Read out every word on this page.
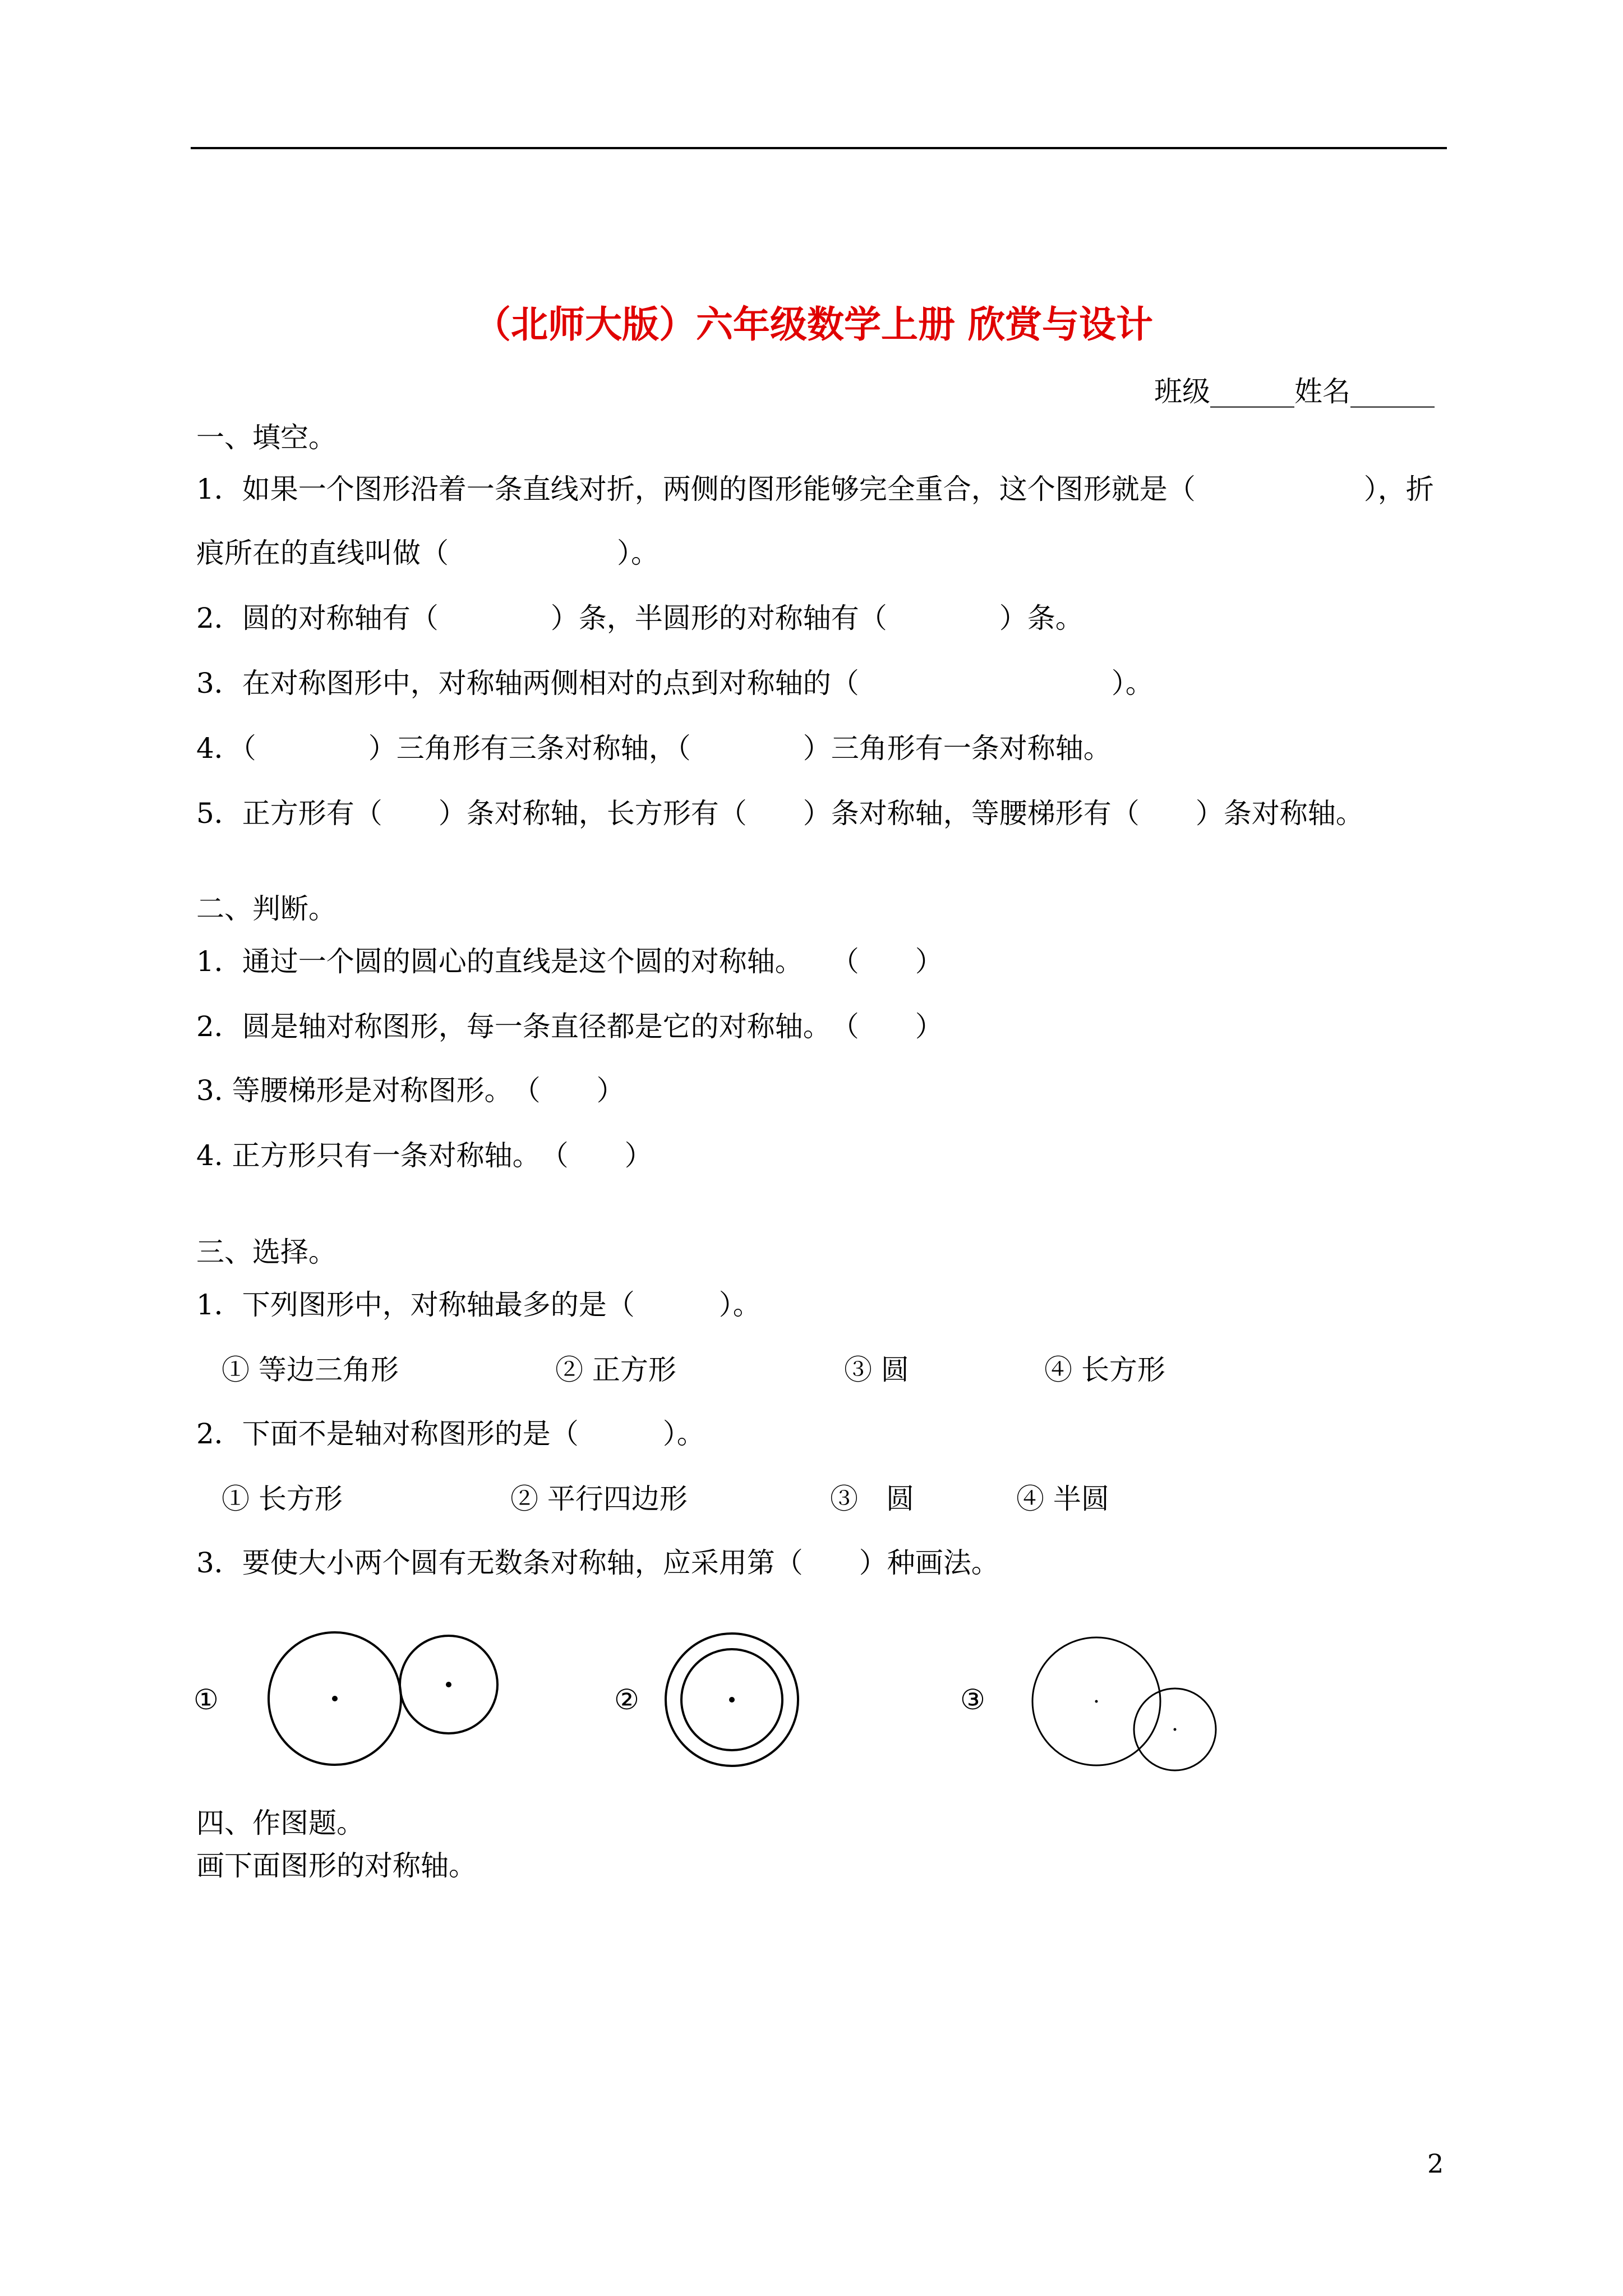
（北师大版）六年级数学上册 欣赏与设计
班级______姓名______
一、填空。
1．如果一个图形沿着一条直线对折，两侧的图形能够完全重合，这个图形就是（　　　　　　），折
痕所在的直线叫做（　　　　　　）。
2．圆的对称轴有（　　　　）条，半圆形的对称轴有（　　　　）条。
3．在对称图形中，对称轴两侧相对的点到对称轴的（　　　　　　　　　）。
4．（　　　　）三角形有三条对称轴，（　　　　）三角形有一条对称轴。
5．正方形有（　　）条对称轴，长方形有（　　）条对称轴，等腰梯形有（　　）条对称轴。
二、判断。
1．通过一个圆的圆心的直线是这个圆的对称轴。　　（　　）
2．圆是轴对称图形，每一条直径都是它的对称轴。　（　　）
3. 等腰梯形是对称图形。　（　　）
4. 正方形只有一条对称轴。　（　　）
三、选择。
1．下列图形中，对称轴最多的是（　　　）。
① 等边三角形	② 正方形	③ 圆	④ 长方形
2．下面不是轴对称图形的是（　　　）。
① 长方形	② 平行四边形	③　圆	④ 半圆
3．要使大小两个圆有无数条对称轴，应采用第（　　）种画法。
①	②	③
四、作图题。
画下面图形的对称轴。
2
